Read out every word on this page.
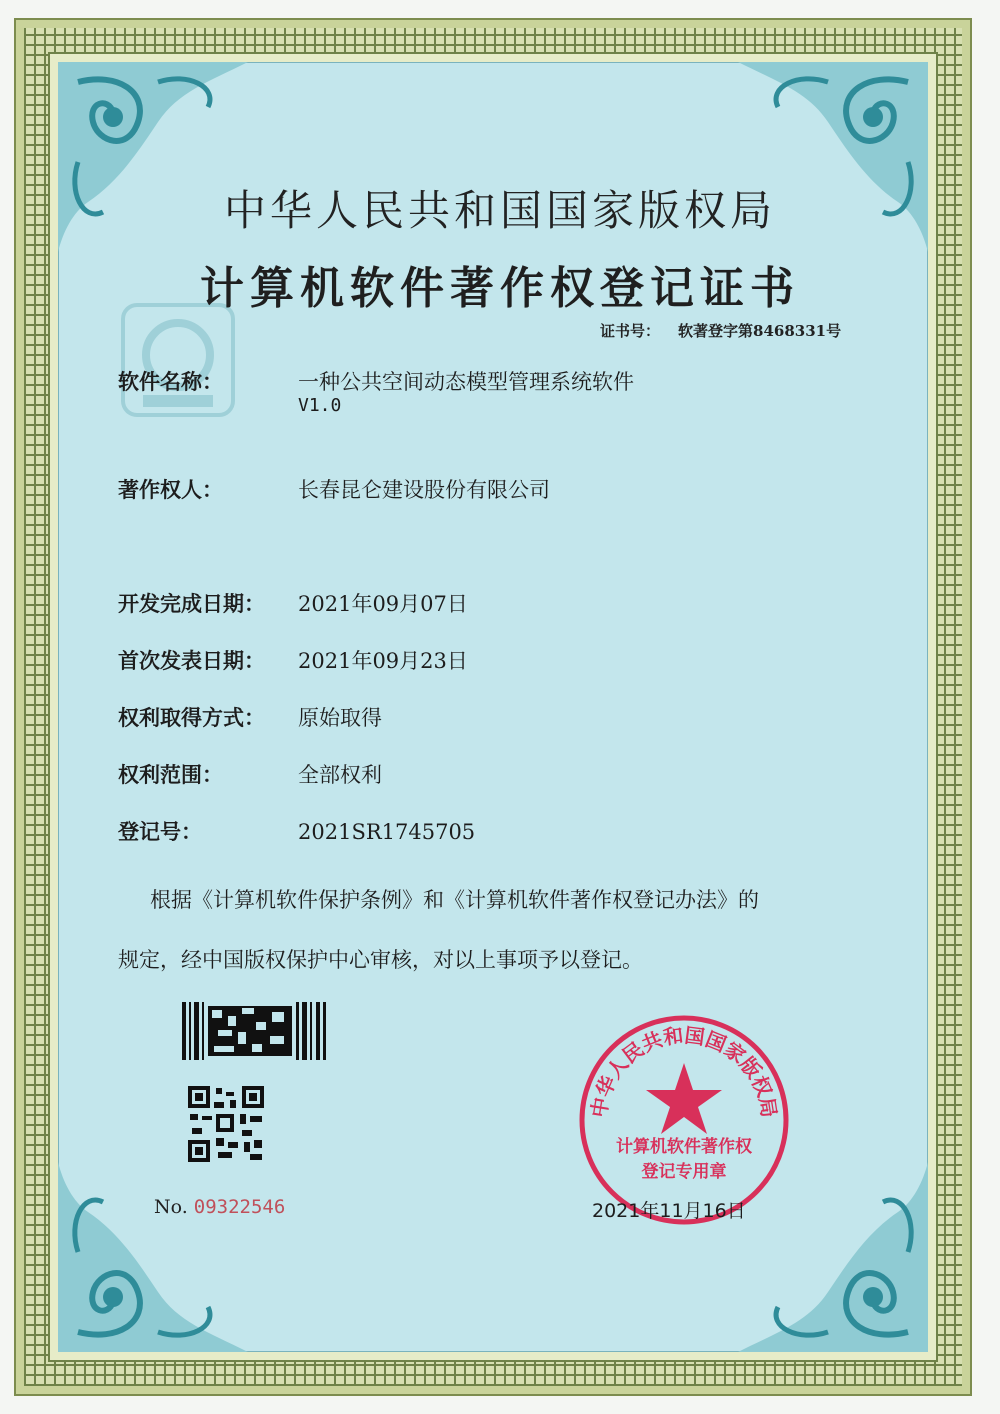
中华人民共和国国家版权局
计算机软件著作权登记证书
证书号： 软著登字第8468331号
软件名称：	一种公共空间动态模型管理系统软件
V1.0
著作权人：	长春昆仑建设股份有限公司
开发完成日期： 2021年09月07日
首次发表日期： 2021年09月23日
权利取得方式： 原始取得
权利范围：	全部权利
登记号：	2021SR1745705
根据《计算机软件保护条例》和《计算机软件著作权登记办法》的
规定，经中国版权保护中心审核，对以上事项予以登记。
No. 09322546
中华人民共和国国家版权局
计算机软件著作权
登记专用章
2021年11月16日
